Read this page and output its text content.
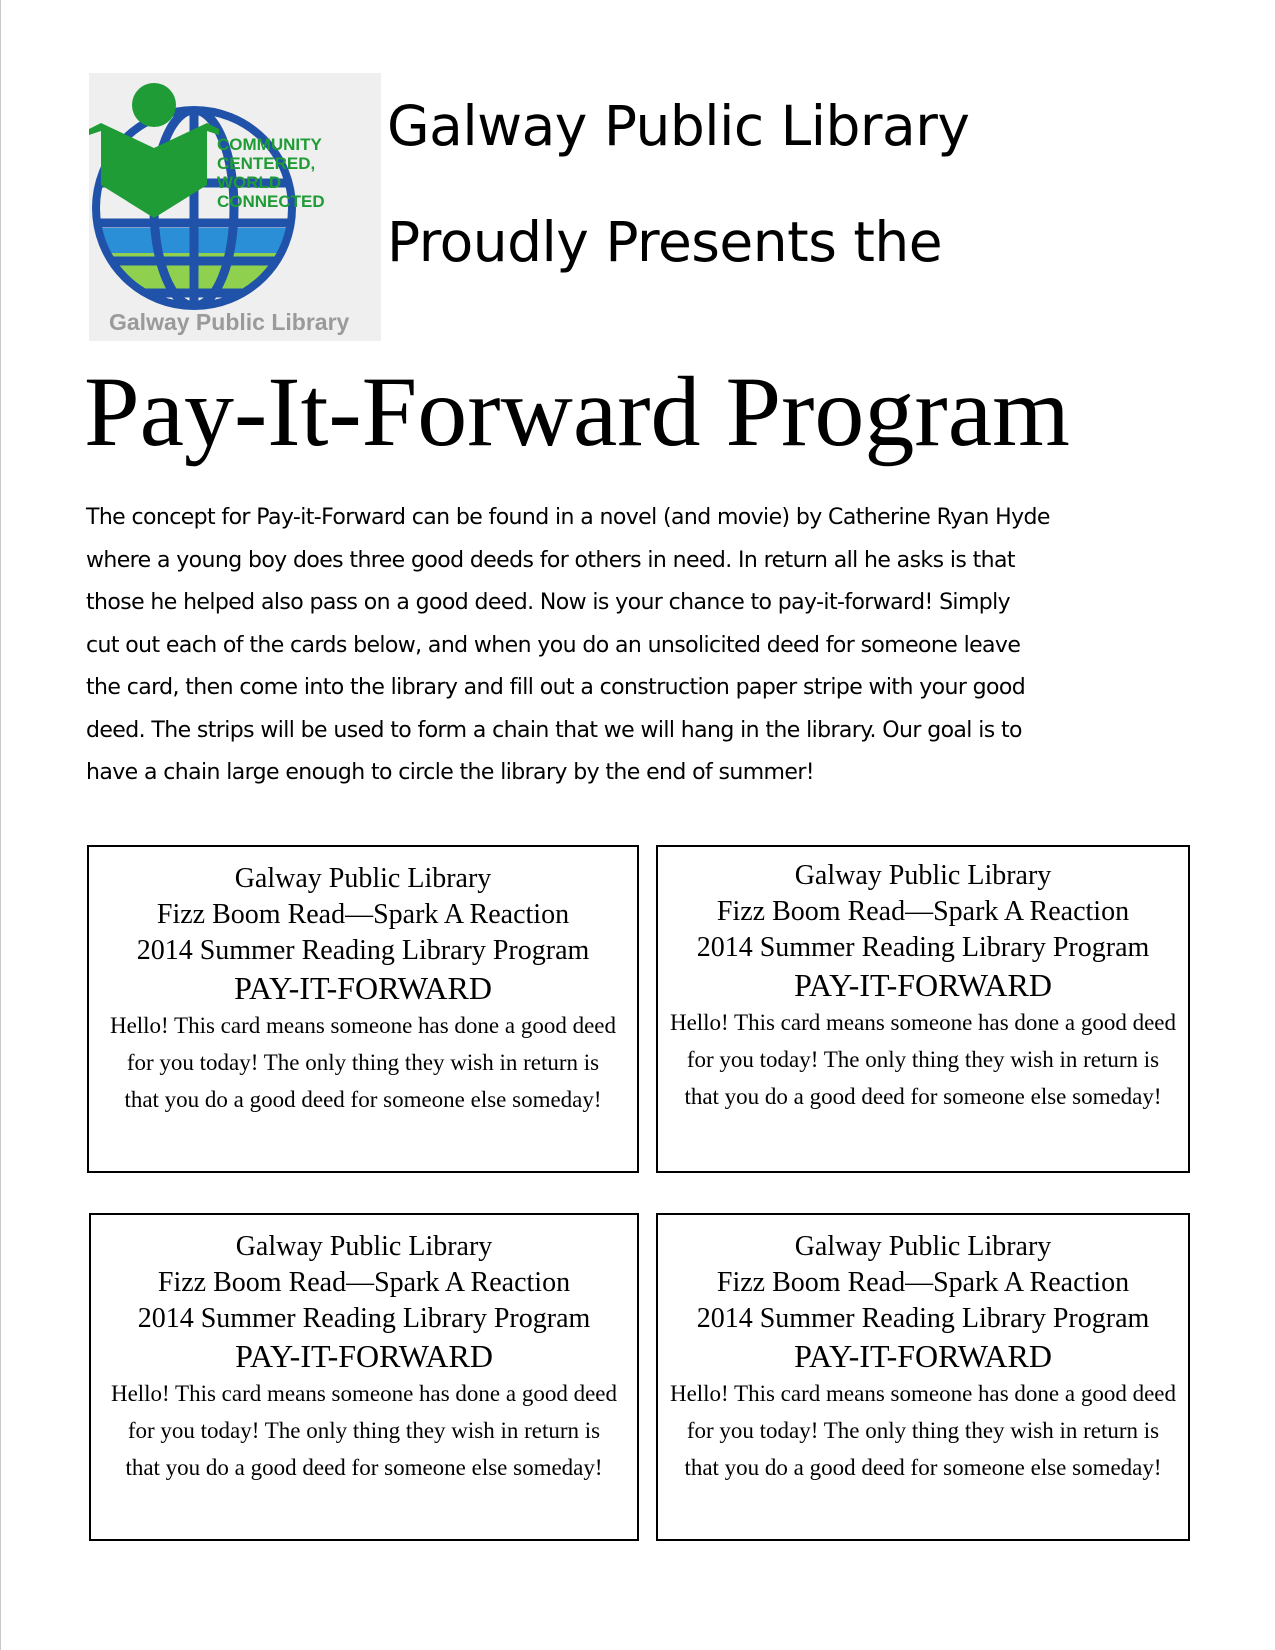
COMMUNITY
CENTERED,
WORLD
CONNECTED
Galway Public Library
Galway Public Library
Proudly Presents the
Pay-It-Forward Program
The concept for Pay-it-Forward can be found in a novel (and movie) by Catherine Ryan Hyde
where a young boy does three good deeds for others in need. In return all he asks is that
those he helped also pass on a good deed. Now is your chance to pay-it-forward! Simply
cut out each of the cards below, and when you do an unsolicited deed for someone leave
the card, then come into the library and fill out a construction paper stripe with your good
deed. The strips will be used to form a chain that we will hang in the library. Our goal is to
have a chain large enough to circle the library by the end of summer!
Galway Public Library
Fizz Boom Read—Spark A Reaction
2014 Summer Reading Library Program
PAY-IT-FORWARD
Hello! This card means someone has done a good deed for you today! The only thing they wish in return is that you do a good deed for someone else someday!
Galway Public Library
Fizz Boom Read—Spark A Reaction
2014 Summer Reading Library Program
PAY-IT-FORWARD
Hello! This card means someone has done a good deed for you today! The only thing they wish in return is that you do a good deed for someone else someday!
Galway Public Library
Fizz Boom Read—Spark A Reaction
2014 Summer Reading Library Program
PAY-IT-FORWARD
Hello! This card means someone has done a good deed for you today! The only thing they wish in return is that you do a good deed for someone else someday!
Galway Public Library
Fizz Boom Read—Spark A Reaction
2014 Summer Reading Library Program
PAY-IT-FORWARD
Hello! This card means someone has done a good deed for you today! The only thing they wish in return is that you do a good deed for someone else someday!
